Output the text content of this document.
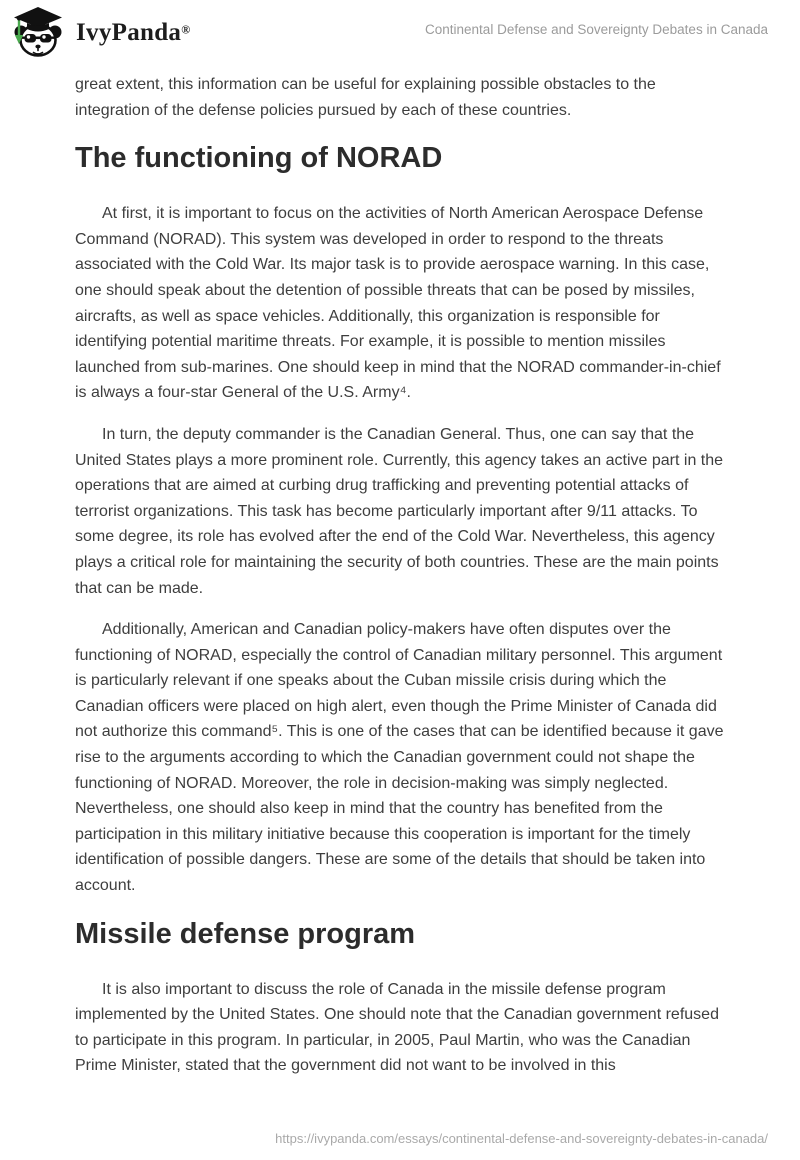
IvyPanda®	Continental Defense and Sovereignty Debates in Canada

great extent, this information can be useful for explaining possible obstacles to the integration of the defense policies pursued by each of these countries.

The functioning of NORAD

At first, it is important to focus on the activities of North American Aerospace Defense Command (NORAD). This system was developed in order to respond to the threats associated with the Cold War. Its major task is to provide aerospace warning. In this case, one should speak about the detention of possible threats that can be posed by missiles, aircrafts, as well as space vehicles. Additionally, this organization is responsible for identifying potential maritime threats. For example, it is possible to mention missiles launched from sub-marines. One should keep in mind that the NORAD commander-in-chief is always a four-star General of the U.S. Army⁴.

In turn, the deputy commander is the Canadian General. Thus, one can say that the United States plays a more prominent role. Currently, this agency takes an active part in the operations that are aimed at curbing drug trafficking and preventing potential attacks of terrorist organizations. This task has become particularly important after 9/11 attacks. To some degree, its role has evolved after the end of the Cold War. Nevertheless, this agency plays a critical role for maintaining the security of both countries. These are the main points that can be made.

Additionally, American and Canadian policy-makers have often disputes over the functioning of NORAD, especially the control of Canadian military personnel. This argument is particularly relevant if one speaks about the Cuban missile crisis during which the Canadian officers were placed on high alert, even though the Prime Minister of Canada did not authorize this command⁵. This is one of the cases that can be identified because it gave rise to the arguments according to which the Canadian government could not shape the functioning of NORAD. Moreover, the role in decision-making was simply neglected. Nevertheless, one should also keep in mind that the country has benefited from the participation in this military initiative because this cooperation is important for the timely identification of possible dangers. These are some of the details that should be taken into account.

Missile defense program

It is also important to discuss the role of Canada in the missile defense program implemented by the United States. One should note that the Canadian government refused to participate in this program. In particular, in 2005, Paul Martin, who was the Canadian Prime Minister, stated that the government did not want to be involved in this

https://ivypanda.com/essays/continental-defense-and-sovereignty-debates-in-canada/
